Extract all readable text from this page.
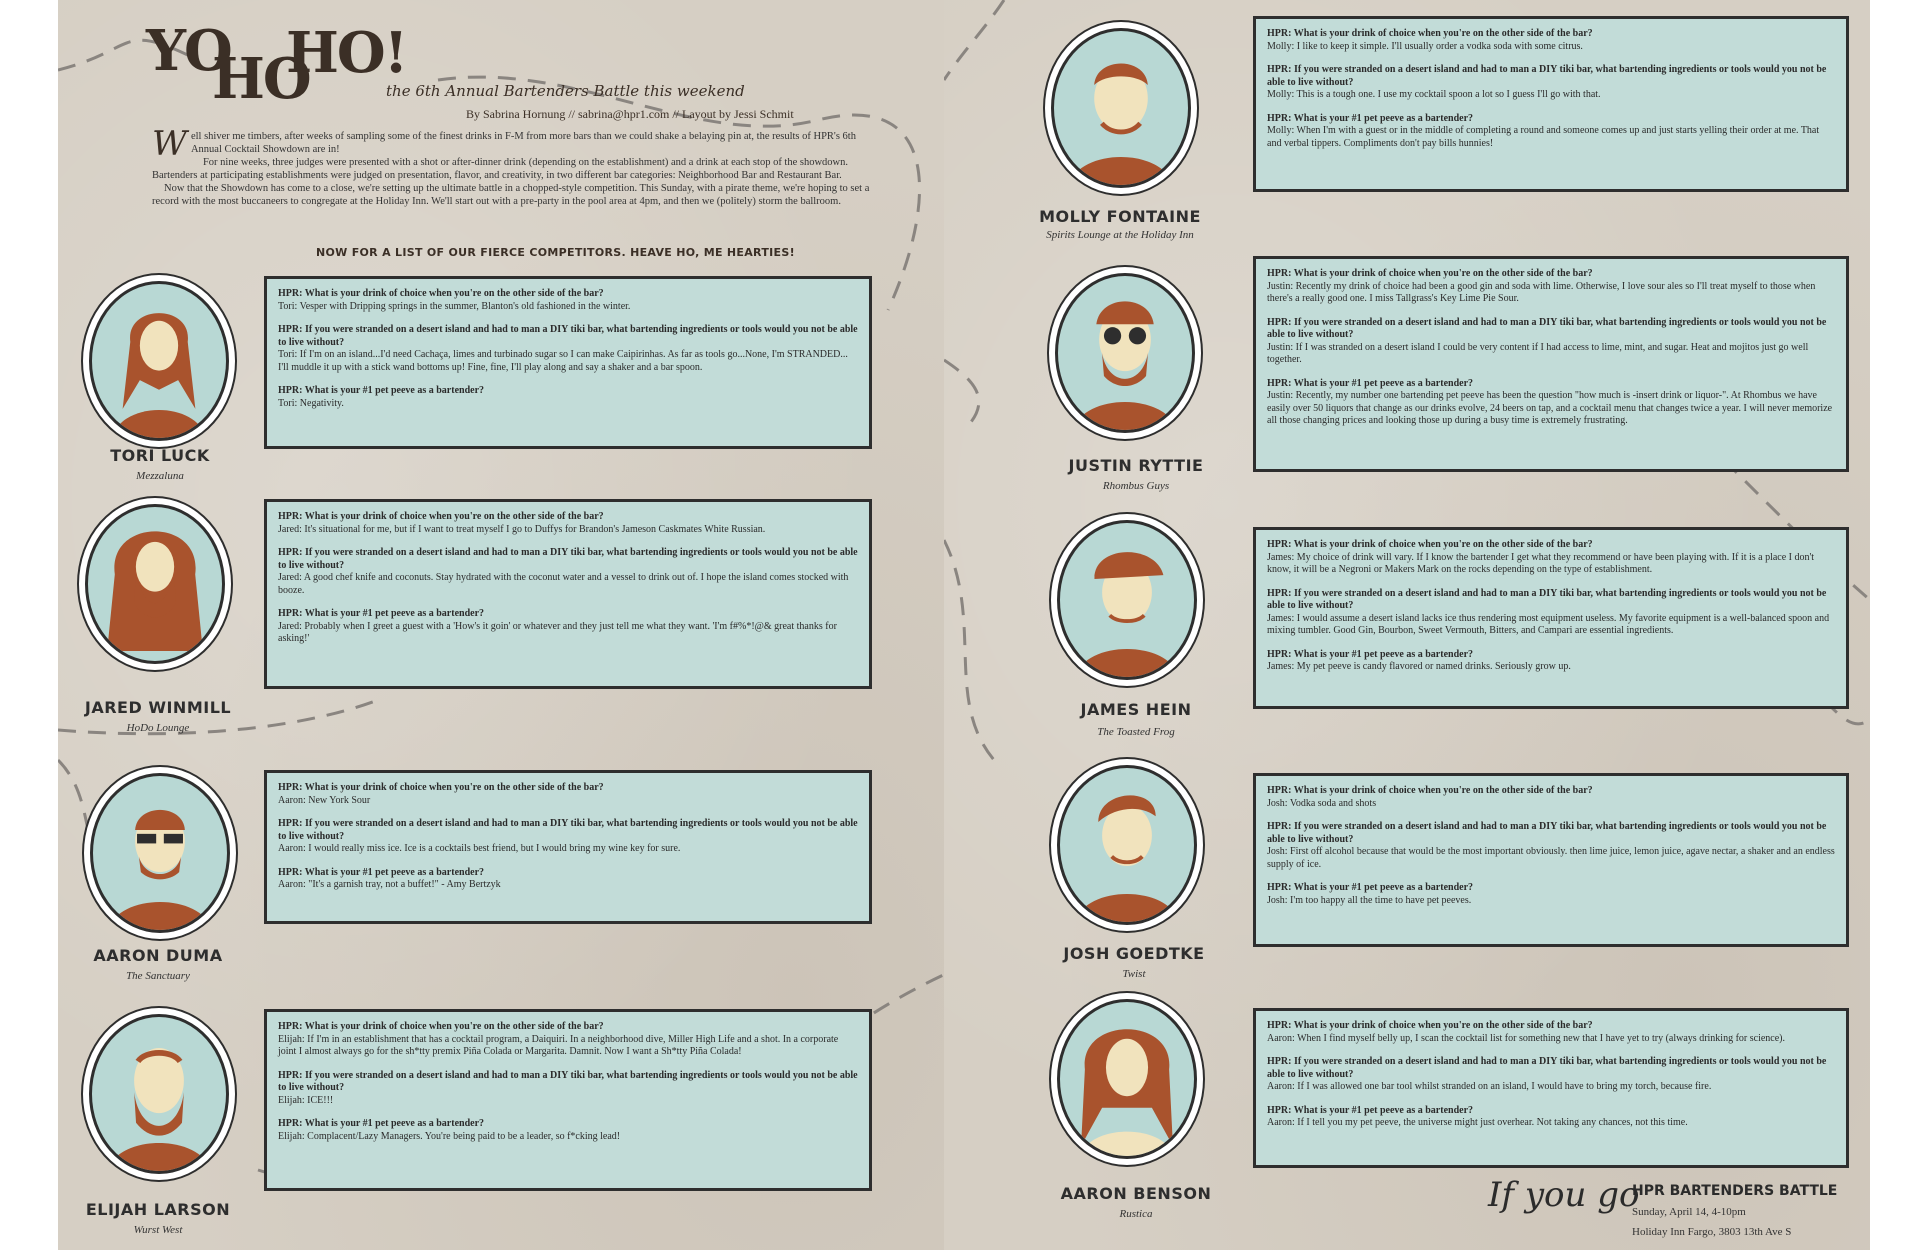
YO
HO
HO!
the 6th Annual Bartenders Battle this weekend
By Sabrina Hornung // sabrina@hpr1.com // Layout by Jessi Schmit

Well shiver me timbers, after weeks of sampling some of the finest drinks in F-M from more bars than we could shake a belaying pin at, the results of HPR's 6th Annual Cocktail Showdown are in!

For nine weeks, three judges were presented with a shot or after-dinner drink (depending on the establishment) and a drink at each stop of the showdown. Bartenders at participating establishments were judged on presentation, flavor, and creativity, in two different bar categories: Neighborhood Bar and Restaurant Bar.

Now that the Showdown has come to a close, we're setting up the ultimate battle in a chopped-style competition. This Sunday, with a pirate theme, we're hoping to set a record with the most buccaneers to congregate at the Holiday Inn. We'll start out with a pre-party in the pool area at 4pm, and then we (politely) storm the ballroom.

NOW FOR A LIST OF OUR FIERCE COMPETITORS. HEAVE HO, ME HEARTIES!
TORI LUCK
Mezzaluna

HPR: What is your drink of choice when you're on the other side of the bar?

Tori: Vesper with Dripping springs in the summer, Blanton's old fashioned in the winter.

HPR: If you were stranded on a desert island and had to man a DIY tiki bar, what bartending ingredients or tools would you not be able to live without?

Tori: If I'm on an island...I'd need Cachaça, limes and turbinado sugar so I can make Caipirinhas. As far as tools go...None, I'm STRANDED... I'll muddle it up with a stick wand bottoms up! Fine, fine, I'll play along and say a shaker and a bar spoon.

HPR: What is your #1 pet peeve as a bartender?

Tori: Negativity.

JARED WINMILL
HoDo Lounge

HPR: What is your drink of choice when you're on the other side of the bar?

Jared: It's situational for me, but if I want to treat myself I go to Duffys for Brandon's Jameson Caskmates White Russian.

HPR: If you were stranded on a desert island and had to man a DIY tiki bar, what bartending ingredients or tools would you not be able to live without?

Jared: A good chef knife and coconuts. Stay hydrated with the coconut water and a vessel to drink out of. I hope the island comes stocked with booze.

HPR: What is your #1 pet peeve as a bartender?

Jared: Probably when I greet a guest with a 'How's it goin' or whatever and they just tell me what they want. 'I'm f#%*!@& great thanks for asking!'

AARON DUMA
The Sanctuary

HPR: What is your drink of choice when you're on the other side of the bar?

Aaron: New York Sour

HPR: If you were stranded on a desert island and had to man a DIY tiki bar, what bartending ingredients or tools would you not be able to live without?

Aaron: I would really miss ice. Ice is a cocktails best friend, but I would bring my wine key for sure.

HPR: What is your #1 pet peeve as a bartender?

Aaron: "It's a garnish tray, not a buffet!" - Amy Bertzyk

ELIJAH LARSON
Wurst West

HPR: What is your drink of choice when you're on the other side of the bar?

Elijah: If I'm in an establishment that has a cocktail program, a Daiquiri. In a neighborhood dive, Miller High Life and a shot. In a corporate joint I almost always go for the sh*tty premix Piña Colada or Margarita. Damnit. Now I want a Sh*tty Piña Colada!

HPR: If you were stranded on a desert island and had to man a DIY tiki bar, what bartending ingredients or tools would you not be able to live without?

Elijah: ICE!!!

HPR: What is your #1 pet peeve as a bartender?

Elijah: Complacent/Lazy Managers. You're being paid to be a leader, so f*cking lead!

MOLLY FONTAINE
Spirits Lounge at the Holiday Inn

HPR: What is your drink of choice when you're on the other side of the bar?

Molly: I like to keep it simple. I'll usually order a vodka soda with some citrus.

HPR: If you were stranded on a desert island and had to man a DIY tiki bar, what bartending ingredients or tools would you not be able to live without?

Molly: This is a tough one. I use my cocktail spoon a lot so I guess I'll go with that.

HPR: What is your #1 pet peeve as a bartender?

Molly: When I'm with a guest or in the middle of completing a round and someone comes up and just starts yelling their order at me. That and verbal tippers. Compliments don't pay bills hunnies!

JUSTIN RYTTIE
Rhombus Guys

HPR: What is your drink of choice when you're on the other side of the bar?

Justin: Recently my drink of choice had been a good gin and soda with lime. Otherwise, I love sour ales so I'll treat myself to those when there's a really good one. I miss Tallgrass's Key Lime Pie Sour.

HPR: If you were stranded on a desert island and had to man a DIY tiki bar, what bartending ingredients or tools would you not be able to live without?

Justin: If I was stranded on a desert island I could be very content if I had access to lime, mint, and sugar. Heat and mojitos just go well together.

HPR: What is your #1 pet peeve as a bartender?

Justin: Recently, my number one bartending pet peeve has been the question "how much is -insert drink or liquor-". At Rhombus we have easily over 50 liquors that change as our drinks evolve, 24 beers on tap, and a cocktail menu that changes twice a year. I will never memorize all those changing prices and looking those up during a busy time is extremely frustrating.

JAMES HEIN
The Toasted Frog

HPR: What is your drink of choice when you're on the other side of the bar?

James: My choice of drink will vary. If I know the bartender I get what they recommend or have been playing with. If it is a place I don't know, it will be a Negroni or Makers Mark on the rocks depending on the type of establishment.

HPR: If you were stranded on a desert island and had to man a DIY tiki bar, what bartending ingredients or tools would you not be able to live without?

James: I would assume a desert island lacks ice thus rendering most equipment useless. My favorite equipment is a well-balanced spoon and mixing tumbler. Good Gin, Bourbon, Sweet Vermouth, Bitters, and Campari are essential ingredients.

HPR: What is your #1 pet peeve as a bartender?

James: My pet peeve is candy flavored or named drinks. Seriously grow up.

JOSH GOEDTKE
Twist

HPR: What is your drink of choice when you're on the other side of the bar?

Josh: Vodka soda and shots

HPR: If you were stranded on a desert island and had to man a DIY tiki bar, what bartending ingredients or tools would you not be able to live without?

Josh: First off alcohol because that would be the most important obviously. then lime juice, lemon juice, agave nectar, a shaker and an endless supply of ice.

HPR: What is your #1 pet peeve as a bartender?

Josh: I'm too happy all the time to have pet peeves.

AARON BENSON
Rustica

HPR: What is your drink of choice when you're on the other side of the bar?

Aaron: When I find myself belly up, I scan the cocktail list for something new that I have yet to try (always drinking for science).

HPR: If you were stranded on a desert island and had to man a DIY tiki bar, what bartending ingredients or tools would you not be able to live without?

Aaron: If I was allowed one bar tool whilst stranded on an island, I would have to bring my torch, because fire.

HPR: What is your #1 pet peeve as a bartender?

Aaron: If I tell you my pet peeve, the universe might just overhear. Not taking any chances, not this time.

If you go
HPR BARTENDERS BATTLE
Sunday, April 14, 4-10pm
Holiday Inn Fargo, 3803 13th Ave S
